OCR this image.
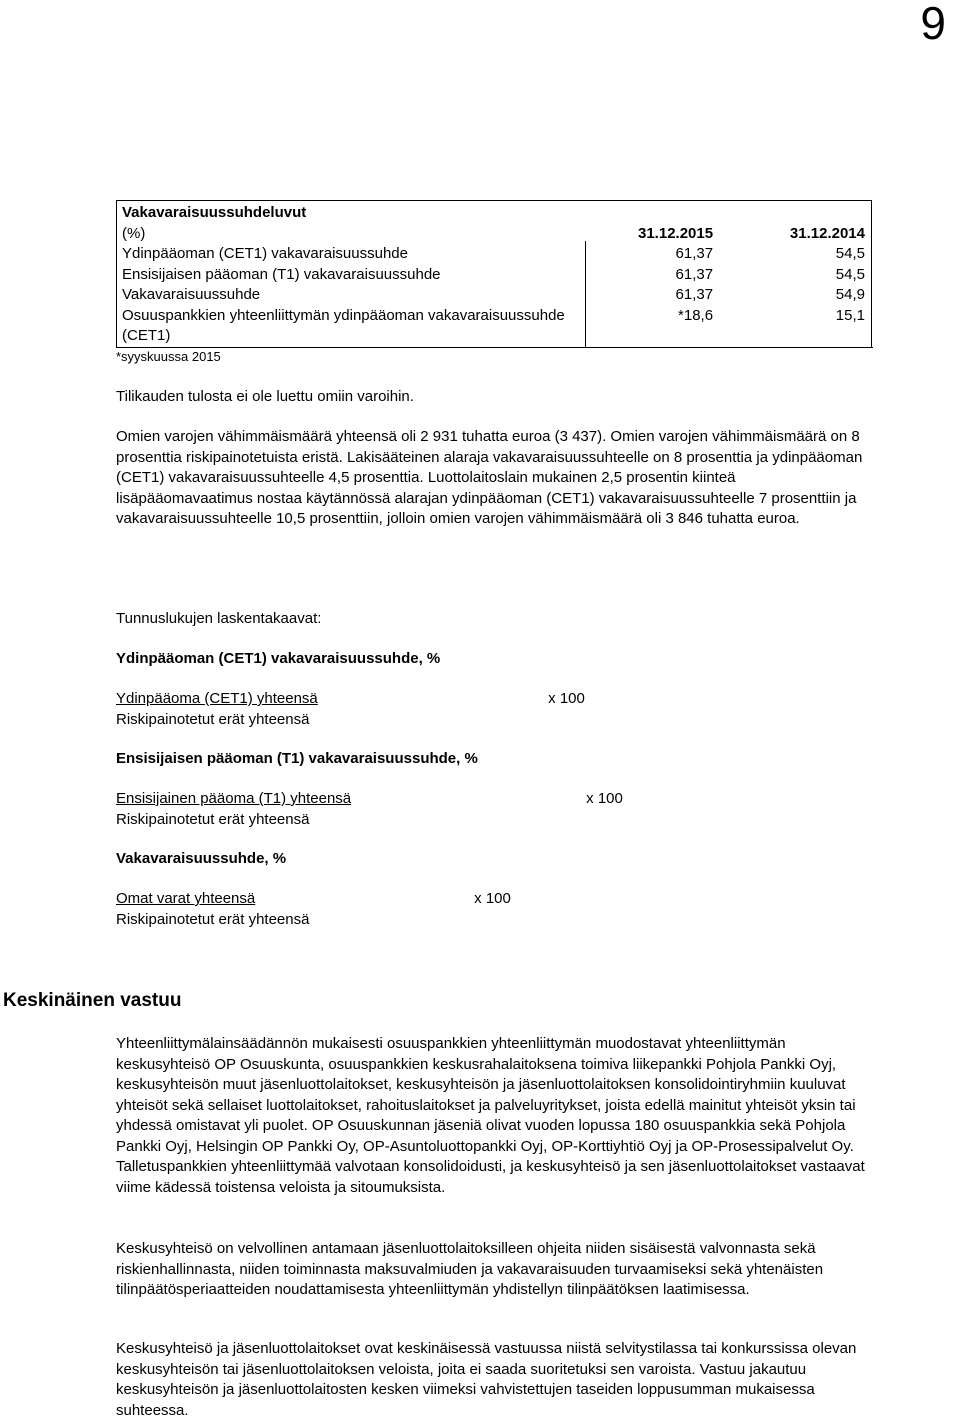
9
Vakavaraisuussuhdeluvut		
(%)	31.12.2015	31.12.2014
Ydinpääoman (CET1) vakavaraisuussuhde	61,37	54,5
Ensisijaisen pääoman (T1) vakavaraisuussuhde	61,37	54,5
Vakavaraisuussuhde	61,37	54,9
Osuuspankkien yhteenliittymän ydinpääoman vakavaraisuussuhde (CET1)	*18,6	15,1
*syyskuussa 2015

Tilikauden tulosta ei ole luettu omiin varoihin.

Omien varojen vähimmäismäärä yhteensä oli 2 931 tuhatta euroa (3 437). Omien varojen vähimmäismäärä on 8 prosenttia riskipainotetuista eristä. Lakisääteinen alaraja vakavaraisuussuhteelle on 8 prosenttia ja ydinpääoman (CET1) vakavaraisuussuhteelle 4,5 prosenttia. Luottolaitoslain mukainen 2,5 prosentin kiinteä lisäpääomavaatimus nostaa käytännössä alarajan ydinpääoman (CET1) vakavaraisuussuhteelle 7 prosenttiin ja vakavaraisuussuhteelle 10,5 prosenttiin, jolloin omien varojen vähimmäismäärä oli 3 846 tuhatta euroa.

Tunnuslukujen laskentakaavat:

Ydinpääoman (CET1) vakavaraisuussuhde, %
Ydinpääoma (CET1) yhteensä	x 100
Riskipainotetut erät yhteensä
Ensisijaisen pääoman (T1) vakavaraisuussuhde, %
Ensisijainen pääoma (T1) yhteensä	x 100
Riskipainotetut erät yhteensä
Vakavaraisuussuhde, %
Omat varat yhteensä	x 100
Riskipainotetut erät yhteensä
Keskinäinen vastuu

Yhteenliittymälainsäädännön mukaisesti osuuspankkien yhteenliittymän muodostavat yhteenliittymän keskusyhteisö OP Osuuskunta, osuuspankkien keskusrahalaitoksena toimiva liikepankki Pohjola Pankki Oyj, keskusyhteisön muut jäsenluottolaitokset, keskusyhteisön ja jäsenluottolaitoksen konsolidointiryhmiin kuuluvat yhteisöt sekä sellaiset luottolaitokset, rahoituslaitokset ja palveluyritykset, joista edellä mainitut yhteisöt yksin tai yhdessä omistavat yli puolet. OP Osuuskunnan jäseniä olivat vuoden lopussa 180 osuuspankkia sekä Pohjola Pankki Oyj, Helsingin OP Pankki Oy, OP-Asuntoluottopankki Oyj, OP-Korttiyhtiö Oyj ja OP-Prosessipalvelut Oy. Talletuspankkien yhteenliittymää valvotaan konsolidoidusti, ja keskusyhteisö ja sen jäsenluottolaitokset vastaavat viime kädessä toistensa veloista ja sitoumuksista.

Keskusyhteisö on velvollinen antamaan jäsenluottolaitoksilleen ohjeita niiden sisäisestä valvonnasta sekä riskienhallinnasta, niiden toiminnasta maksuvalmiuden ja vakavaraisuuden turvaamiseksi sekä yhtenäisten tilinpäätösperiaatteiden noudattamisesta yhteenliittymän yhdistellyn tilinpäätöksen laatimisessa.

Keskusyhteisö ja jäsenluottolaitokset ovat keskinäisessä vastuussa niistä selvitystilassa tai konkurssissa olevan keskusyhteisön tai jäsenluottolaitoksen veloista, joita ei saada suoritetuksi sen varoista. Vastuu jakautuu keskusyhteisön ja jäsenluottolaitosten kesken viimeksi vahvistettujen taseiden loppusumman mukaisessa suhteessa.
